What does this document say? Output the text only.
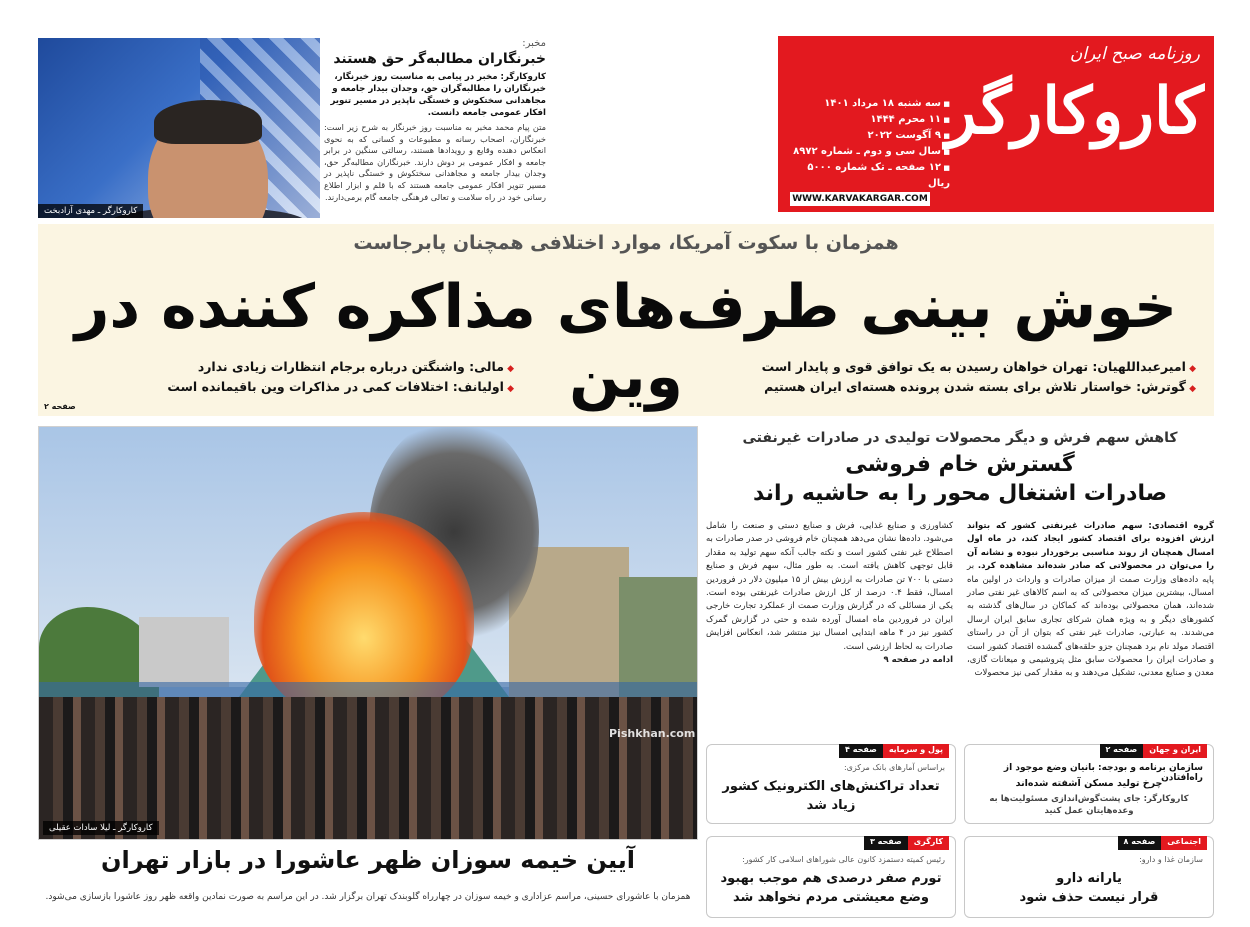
روزنامه صبح ایران
کاروکارگر
■ سه شنبه ۱۸ مرداد ۱۴۰۱
■ ۱۱ محرم ۱۴۴۴
■ ۹ آگوست ۲۰۲۲
■ سال سی و دوم ـ شماره ۸۹۷۲
■ ۱۲ صفحه ـ تک شماره ۵۰۰۰ ریال
WWW.KARVAKARGAR.COM
مخبر:
خبرنگاران مطالبه‌گر حق هستند
کاروکارگر: مخبر در پیامی به مناسبت روز خبرنگار، خبرنگاران را مطالبه‌گران حق، وجدان بیدار جامعه و مجاهدانی سختکوش و خستگی ناپذیر در مسیر تنویر افکار عمومی جامعه دانست.
متن پیام محمد مخبر به مناسبت روز خبرنگار به شرح زیر است: خبرنگاران، اصحاب رسانه و مطبوعات و کسانی که به نحوی انعکاس دهنده وقایع و رویدادها هستند، رسالتی سنگین در برابر جامعه و افکار عمومی بر دوش دارند. خبرنگاران مطالبه‌گر حق، وجدان بیدار جامعه و مجاهدانی سختکوش و خستگی ناپذیر در مسیر تنویر افکار عمومی جامعه هستند که با قلم و ابزار اطلاع رسانی خود در راه سلامت و تعالی فرهنگی جامعه گام برمی‌دارند.
کاروکارگر ـ مهدی آزادبخت
همزمان با سکوت آمریکا، موارد اختلافی همچنان پابرجاست
خوش بینی طرف‌های مذاکره کننده در وین
◆	امیرعبداللهیان: تهران خواهان رسیدن به یک توافق قوی و پایدار است
◆ گوترش: خواستار تلاش برای بسته شدن پرونده هسته‌ای ایران هستیم
◆ مالی: واشنگتن درباره برجام انتظارات زیادی ندارد
◆ اولیانف: اختلافات کمی در مذاکرات وین باقیمانده است
صفحه ۲
Pishkhan.com
کاروکارگر ـ لیلا سادات عقیلی
آیین خیمه سوزان ظهر عاشورا در بازار تهران
همزمان با عاشورای حسینی، مراسم عزاداری و خیمه سوزان در چهارراه گلوبندک تهران برگزار شد. در این مراسم به صورت نمادین واقعه ظهر روز عاشورا بازسازی می‌شود.
کاهش سهم فرش و دیگر محصولات تولیدی در صادرات غیرنفتی
گسترش خام فروشی
صادرات اشتغال محور را به حاشیه راند
گروه اقتصادی: سهم صادرات غیرنفتی کشور که بتواند ارزش افزوده برای اقتصاد کشور ایجاد کند، در ماه اول امسال همچنان از روند مناسبی برخوردار نبوده و نشانه آن را می‌توان در محصولاتی که صادر شده‌اند مشاهده کرد. بر پایه داده‌های وزارت صمت از میزان صادرات و واردات در اولین ماه امسال، بیشترین میزان محصولاتی که به اسم کالاهای غیر نفتی صادر شده‌اند، همان محصولاتی بوده‌اند که کماکان در سال‌های گذشته به کشورهای دیگر و به ویژه همان شرکای تجاری سابق ایران ارسال می‌شدند. به عبارتی، صادرات غیر نفتی که بتوان از آن در راستای اقتصاد مولد نام برد همچنان جزو حلقه‌های گمشده اقتصاد کشور است و صادرات ایران را محصولات سابق مثل پتروشیمی و میعانات گازی، معدن و صنایع معدنی، تشکیل می‌دهند و به مقدار کمی نیز محصولات
کشاورزی و صنایع غذایی، فرش و صنایع دستی و صنعت را شامل می‌شود. داده‌ها نشان می‌دهد همچنان خام فروشی در صدر صادرات به اصطلاح غیر نفتی کشور است و نکته جالب آنکه سهم تولید به مقدار قابل توجهی کاهش یافته است. به طور مثال، سهم فرش و صنایع دستی با ۷۰۰ تن صادرات به ارزش بیش از ۱۵ میلیون دلار در فروردین امسال، فقط ۰.۴ درصد از کل ارزش صادرات غیرنفتی بوده است. یکی از مسائلی که در گزارش وزارت صمت از عملکرد تجارت خارجی ایران در فروردین ماه امسال آورده شده و حتی در گزارش گمرک کشور نیز در ۴ ماهه ابتدایی امسال نیز منتشر شد، انعکاس افزایش صادرات به لحاظ ارزشی است.
ادامه در صفحه ۹
ایران و جهان
صفحه ۲
سازمان برنامه و بودجه: بانیان وضع موجود از راه‌افتادن
چرخ تولید مسکن آشفته شده‌اند
کاروکارگر: جای پشت‌گوش‌اندازی مسئولیت‌ها به وعده‌هایتان عمل کنید
پول و سرمایه
صفحه ۴
براساس آمارهای بانک مرکزی:
تعداد تراکنش‌های الکترونیک کشور
زیاد شد
اجتماعی
صفحه ۸
سازمان غذا و دارو:
یارانه دارو
قرار نیست حذف شود
کارگری
صفحه ۳
رئیس کمیته دستمزد کانون عالی شوراهای اسلامی کار کشور:
تورم صفر درصدی هم موجب بهبود
وضع معیشتی مردم نخواهد شد
